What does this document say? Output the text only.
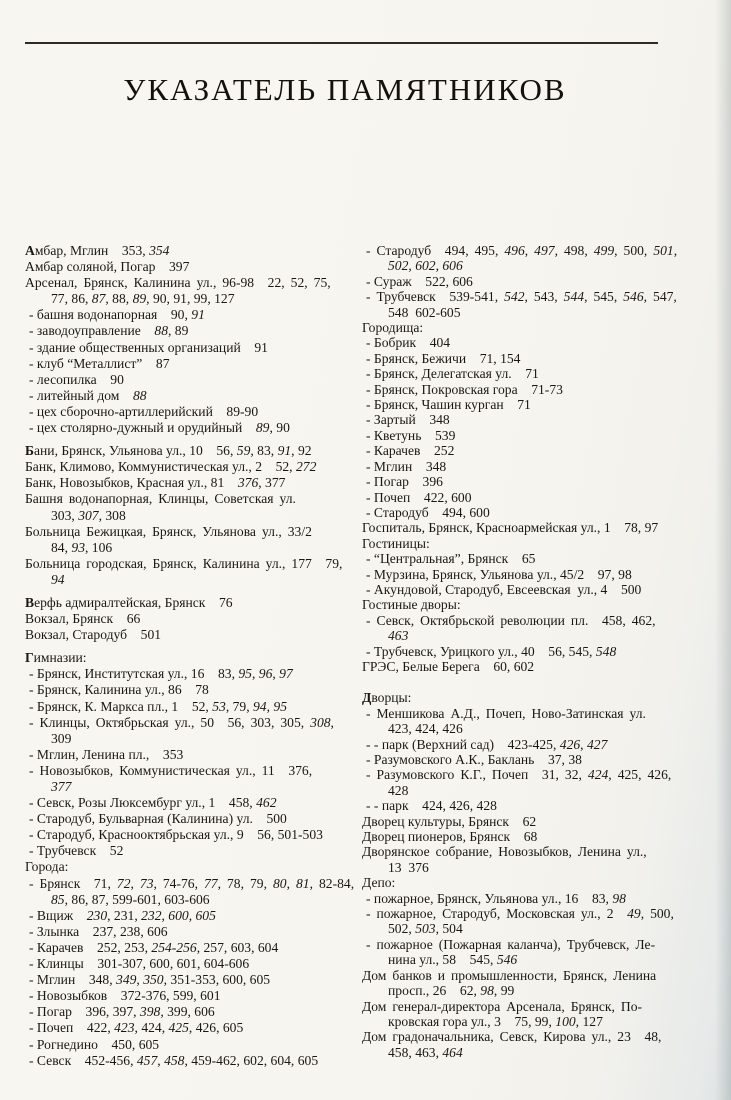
УКАЗАТЕЛЬ ПАМЯТНИКОВ
Амбар, Мглин 353, 354
Амбар соляной, Погар 397
Арсенал, Брянск, Калинина ул., 96-98 22, 52, 75,
77, 86, 87, 88, 89, 90, 91, 99, 127
- башня водонапорная 90, 91
- заводоуправление 88, 89
- здание общественных организаций 91
- клуб “Металлист” 87
- лесопилка 90
- литейный дом 88
- цех сборочно-артиллерийский 89-90
- цех столярно-дужный и орудийный 89, 90
Бани, Брянск, Ульянова ул., 10 56, 59, 83, 91, 92
Банк, Климово, Коммунистическая ул., 2 52, 272
Банк, Новозыбков, Красная ул., 81 376, 377
Башня водонапорная, Клинцы, Советская ул.
303, 307, 308
Больница Бежицкая, Брянск, Ульянова ул., 33/2
84, 93, 106
Больница городская, Брянск, Калинина ул., 177 79,
94
Верфь адмиралтейская, Брянск 76
Вокзал, Брянск 66
Вокзал, Стародуб 501
Гимназии:
- Брянск, Институтская ул., 16 83, 95, 96, 97
- Брянск, Калинина ул., 86 78
- Брянск, К. Маркса пл., 1 52, 53, 79, 94, 95
- Клинцы, Октябрьская ул., 50 56, 303, 305, 308,
309
- Мглин, Ленина пл., 353
- Новозыбков, Коммунистическая ул., 11 376,
377
- Севск, Розы Люксембург ул., 1 458, 462
- Стародуб, Бульварная (Калинина) ул. 500
- Стародуб, Краснооктябрьская ул., 9 56, 501-503
- Трубчевск 52
Города:
- Брянск 71, 72, 73, 74-76, 77, 78, 79, 80, 81, 82-84,
85, 86, 87, 599-601, 603-606
- Вщиж 230, 231, 232, 600, 605
- Злынка 237, 238, 606
- Карачев 252, 253, 254-256, 257, 603, 604
- Клинцы 301-307, 600, 601, 604-606
- Мглин 348, 349, 350, 351-353, 600, 605
- Новозыбков 372-376, 599, 601
- Погар 396, 397, 398, 399, 606
- Почеп 422, 423, 424, 425, 426, 605
- Рогнедино 450, 605
- Севск 452-456, 457, 458, 459-462, 602, 604, 605
- Стародуб 494, 495, 496, 497, 498, 499, 500, 501,
502, 602, 606
- Сураж 522, 606
- Трубчевск 539-541, 542, 543, 544, 545, 546, 547,
548 602-605
Городища:
- Бобрик 404
- Брянск, Бежичи 71, 154
- Брянск, Делегатская ул. 71
- Брянск, Покровская гора 71-73
- Брянск, Чашин курган 71
- Зартый 348
- Кветунь 539
- Карачев 252
- Мглин 348
- Погар 396
- Почеп 422, 600
- Стародуб 494, 600
Госпиталь, Брянск, Красноармейская ул., 1 78, 97
Гостиницы:
- “Центральная”, Брянск 65
- Мурзина, Брянск, Ульянова ул., 45/2 97, 98
- Акундовой, Стародуб, Евсеевская ул., 4 500
Гостиные дворы:
- Севск, Октябрьской революции пл. 458, 462,
463
- Трубчевск, Урицкого ул., 40 56, 545, 548
ГРЭС, Белые Берега 60, 602
Дворцы:
- Меншикова А.Д., Почеп, Ново-Затинская ул.
423, 424, 426
- - парк (Верхний сад) 423-425, 426, 427
- Разумовского А.К., Баклань 37, 38
- Разумовского К.Г., Почеп 31, 32, 424, 425, 426,
428
- - парк 424, 426, 428
Дворец культуры, Брянск 62
Дворец пионеров, Брянск 68
Дворянское собрание, Новозыбков, Ленина ул.,
13 376
Депо:
- пожарное, Брянск, Ульянова ул., 16 83, 98
- пожарное, Стародуб, Московская ул., 2 49, 500,
502, 503, 504
- пожарное (Пожарная каланча), Трубчевск, Ле-
нина ул., 58 545, 546
Дом банков и промышленности, Брянск, Ленина
просп., 26 62, 98, 99
Дом генерал-директора Арсенала, Брянск, По-
кровская гора ул., 3 75, 99, 100, 127
Дом градоначальника, Севск, Кирова ул., 23 48,
458, 463, 464
